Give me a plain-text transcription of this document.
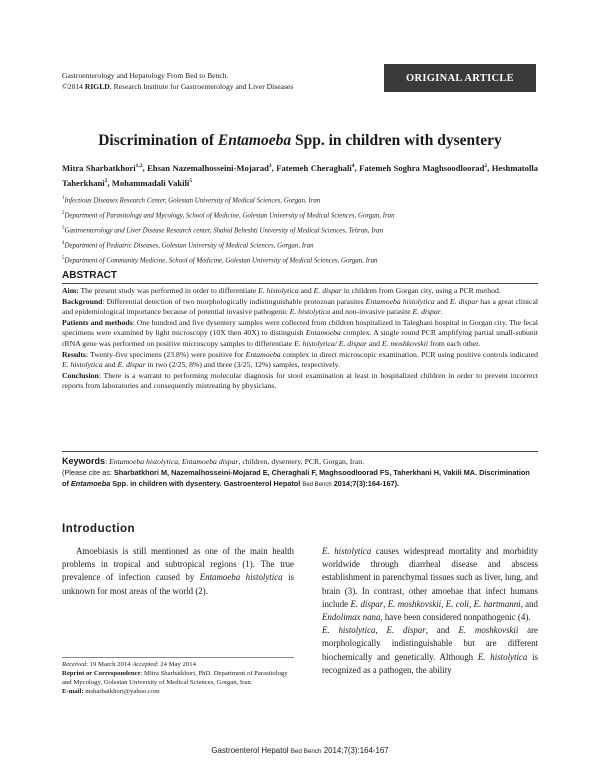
Gastroenterology and Hepatology From Bed to Bench.
©2014 RIGLD, Research Institute for Gastroenterology and Liver Diseases
ORIGINAL ARTICLE
Discrimination of Entamoeba Spp. in children with dysentery
Mitra Sharbatkhori$^{1,2}$, Ehsan Nazemalhosseini-Mojarad$^3$, Fatemeh Cheraghali$^4$, Fatemeh Soghra Maghsoodloorad$^2$, Heshmatolla Taherkhani$^2$, Mohammadali Vakili$^5$
$^1$Infectious Diseases Research Center, Golestan University of Medical Sciences, Gorgan, Iran
$^2$Department of Parasitology and Mycology, School of Medicine, Golestan University of Medical Sciences, Gorgan, Iran
$^3$Gastroenterology and Liver Disease Research center, Shahid Beheshti University of Medical Sciences, Tehran, Iran
$^4$Department of Pediatric Diseases, Golestan University of Medical Sciences, Gorgan, Iran
$^5$Department of Community Medicine, School of Medicine, Golestan University of Medical Sciences, Gorgan, Iran
ABSTRACT

Aim: The present study was performed in order to differentiate E. histolytica and E. dispar in children from Gorgan city, using a PCR method.

Background: Differential detection of two morphologically indistinguishable protozoan parasites Entamoeba histolytica and E. dispar has a great clinical and epidemiological importance because of potential invasive pathogenic E. histolytica and non-invasive parasite E. dispar.

Patients and methods: One hundred and five dysentery samples were collected from children hospitalized in Taleghani hospital in Gorgan city. The fecal specimens were examined by light microscopy (10X then 40X) to distinguish Entamoeba complex. A single round PCR amplifying partial small-subunit rRNA gene was performed on positive microscopy samples to differentiate E. histolytica/ E. dispar and E. moshkovskii from each other.

Results: Twenty-five specimens (23.8%) were positive for Entamoeba complex in direct microscopic examination. PCR using positive controls indicated E. histolytica and E. dispar in two (2/25, 8%) and three (3/25, 12%) samples, respectively.

Conclusion: There is a warrant to performing molecular diagnosis for stool examination at least in hospitalized children in order to prevent incorrect reports from laboratories and consequently mistreating by physicians.

Keywords: Entamoeba histolytica, Entamoeba dispar, children, dysentery, PCR, Gorgan, Iran.
(Please cite as: Sharbatkhori M, Nazemalhosseini-Mojarad E, Cheraghali F, Maghsoodloorad FS, Taherkhani H, Vakili MA. Discrimination of Entamoeba Spp. in children with dysentery. Gastroenterol Hepatol Bed Bench 2014;7(3):164-167).
Introduction

Amoebiasis is still mentioned as one of the main health problems in tropical and subtropical regions (1). The true prevalence of infection caused by Entamoeba histolytica is unknown for most areas of the world (2).

E. histolytica causes widespread mortality and morbidity worldwide through diarrheal disease and abscess establishment in parenchymal tissues such as liver, lung, and brain (3). In contrast, other amoebae that infect humans include E. dispar, E. moshkovskii, E. coli, E. hartmanni, and Endolimax nana, have been considered nonpathogenic (4).

E. histolytica, E. dispar, and E. moshkovskii are morphologically indistinguishable but are different biochemically and genetically. Although E. histolytica is recognized as a pathogen, the ability

Received: 19 March 2014 Accepted: 24 May 2014
Reprint or Correspondence: Mitra Sharbatkhori, PhD. Department of Parasitology and Mycology, Golestan University of Medical Sciences, Gorgan, Iran.
E-mail: msharbatkhori@yahoo.com
Gastroenterol Hepatol Bed Bench 2014;7(3):164-167
